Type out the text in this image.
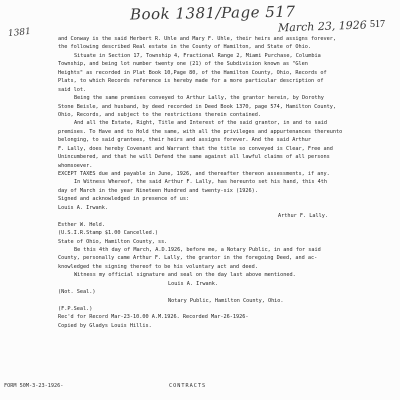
Book 1381/Page 517
March 23, 1926
1381
517
and Conway is the said Herbert R. Uhle and Mary F. Uhle, their heirs and assigns forever,
the following described Real estate in the County of Hamilton, and State of Ohio.
Situate in Section 17, Township 4, Fractional Range 2, Miami Purchase, Columbia
Township, and being lot number twenty one (21) of the Subdivision known as "Glen
Heights" as recorded in Plat Book 10,Page 80, of the Hamilton County, Ohio, Records of
Plats, to which Records reference is hereby made for a more particular description of
said lot.
Being the same premises conveyed to Arthur Lally, the grantor herein, by Dorothy
Stone Beisle, and husband, by deed recorded in Deed Book 1370, page 574, Hamilton County,
Ohio, Records, and subject to the restrictions therein contained.
And all the Estate, Right, Title and Interest of the said grantor, in and to said
premises. To Have and to Hold the same, with all the privileges and appurtenances thereunto
belonging, to said grantees, their heirs and assigns forever. And the said Arthur
F. Lally, does hereby Covenant and Warrant that the title so conveyed is Clear, Free and
Unincumbered, and that he will Defend the same against all lawful claims of all persons
whomsoever.
EXCEPT TAXES due and payable in June, 1926, and thereafter thereon assessments, if any.
In Witness Whereof, the said Arthur F. Lally, has hereunto set his hand, this 4th
day of March in the year Nineteen Hundred and twenty-six (1926).
Signed and acknowledged in presence of us:
Louis A. Irwank.
Arthur F. Lally.
Esther W. Held.
(U.S.I.R.Stamp $1.00 Cancelled.)
State of Ohio, Hamilton County, ss.
Be this 4th day of March, A.D.1926, before me, a Notary Public, in and for said
County, personally came Arthur F. Lally, the grantor in the foregoing Deed, and ac-
knowledged the signing thereof to be his voluntary act and deed.
Witness my official signature and seal on the day last above mentioned.
Louis A. Irwank.
(Not. Seal.)
Notary Public, Hamilton County, Ohio.
(F.P.Seal.)
Rec'd for Record Mar-23-10.00 A.M.1926. Recorded Mar-26-1926-
Copied by Gladys Louis Hillis.
FORM 50M-3-23-1926-	CONTRACTS
